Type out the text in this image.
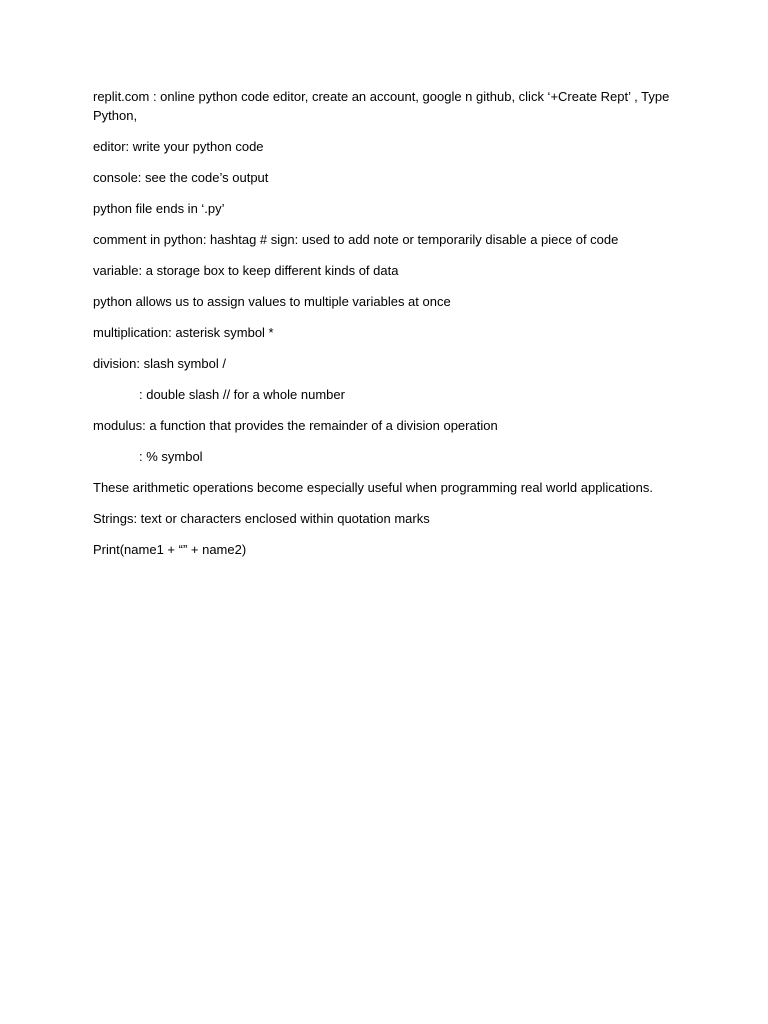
replit.com : online python code editor, create an account, google n github, click ‘+Create Rept’ , Type Python,

editor: write your python code

console: see the code’s output

python file ends in ‘.py’

comment in python: hashtag # sign: used to add note or temporarily disable a piece of code

variable: a storage box to keep different kinds of data

python allows us to assign values to multiple variables at once

multiplication: asterisk symbol *

division: slash symbol /

: double slash // for a whole number

modulus: a function that provides the remainder of a division operation

: % symbol

These arithmetic operations become especially useful when programming real world applications.

Strings: text or characters enclosed within quotation marks

Print(name1 + “” + name2)
